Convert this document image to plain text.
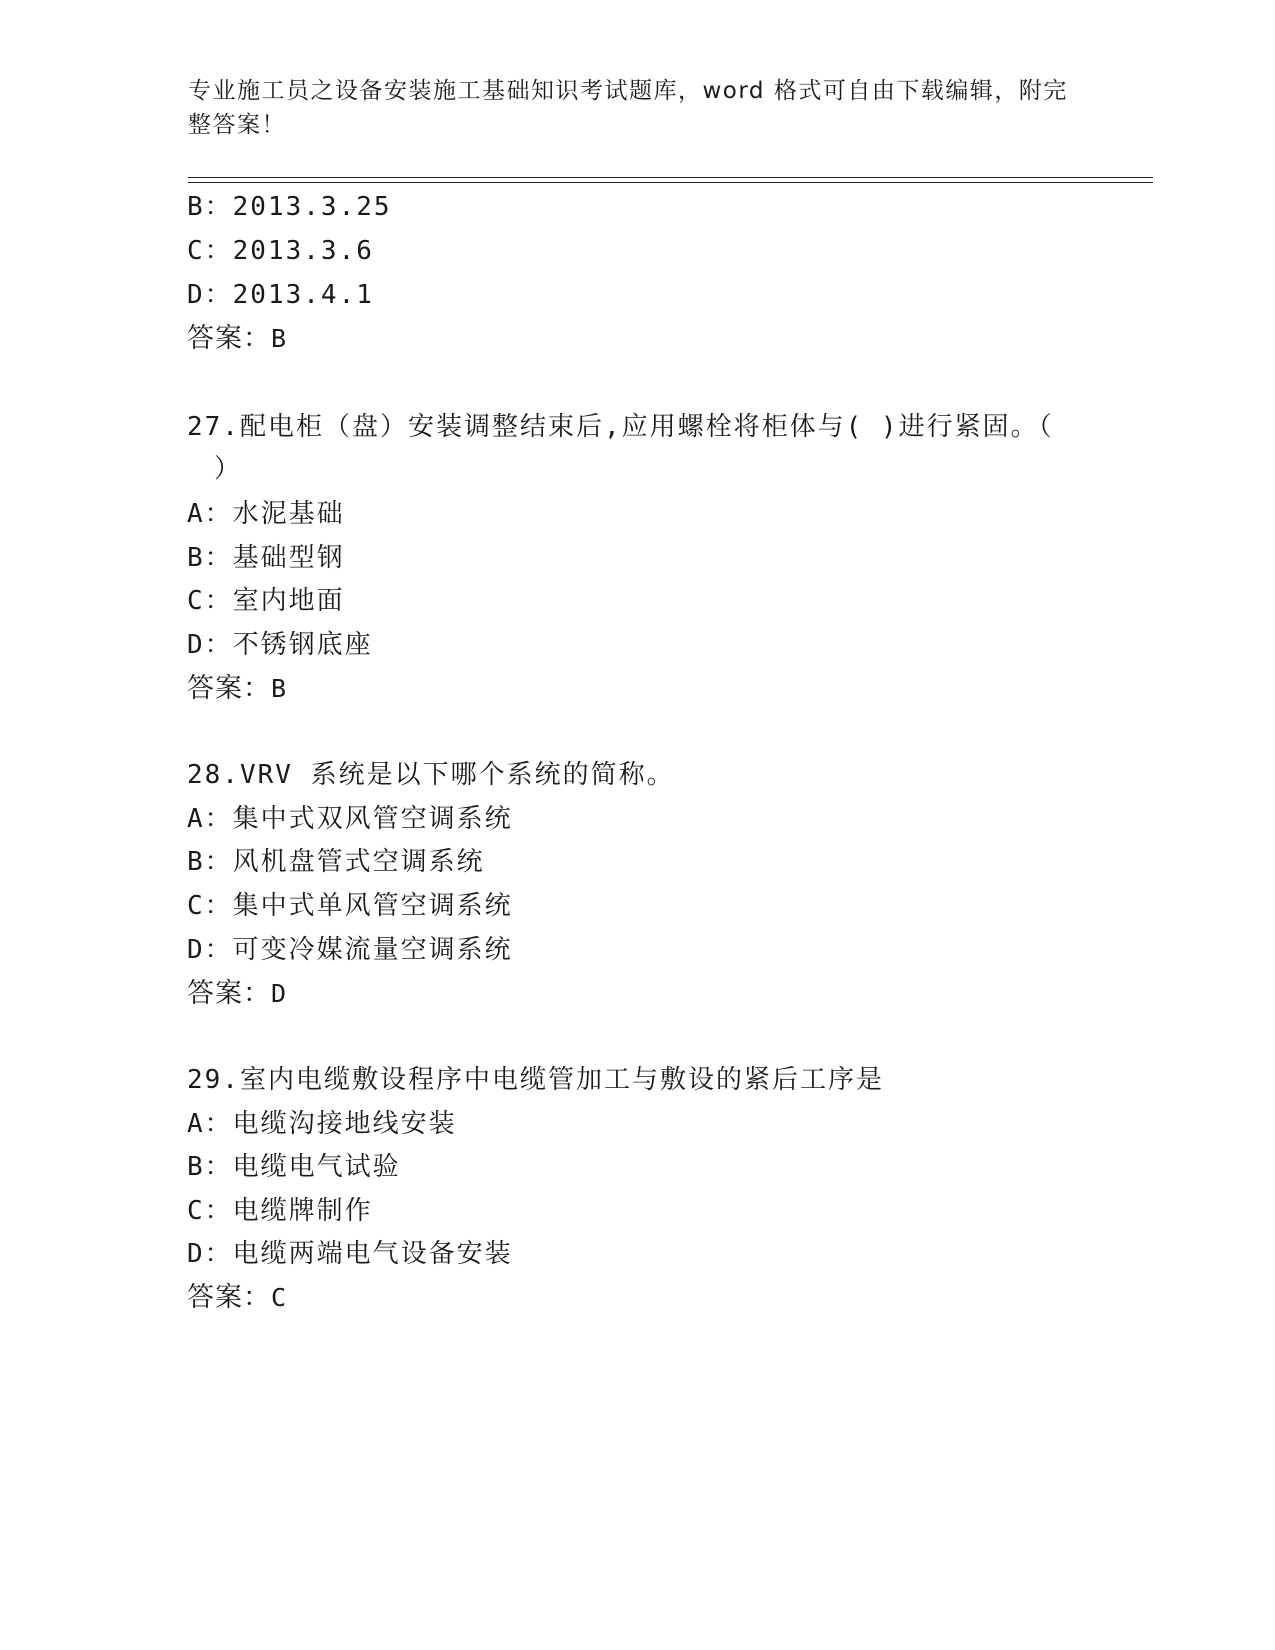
专业施工员之设备安装施工基础知识考试题库，word 格式可自由下载编辑，附完
整答案！
B：2013.3.25
C：2013.3.6
D：2013.4.1
答案：B
27.配电柜（盘）安装调整结束后,应用螺栓将柜体与( )进行紧固。（
）
A：水泥基础
B：基础型钢
C：室内地面
D：不锈钢底座
答案：B
28.VRV 系统是以下哪个系统的简称。
A：集中式双风管空调系统
B：风机盘管式空调系统
C：集中式单风管空调系统
D：可变冷媒流量空调系统
答案：D
29.室内电缆敷设程序中电缆管加工与敷设的紧后工序是
A：电缆沟接地线安装
B：电缆电气试验
C：电缆牌制作
D：电缆两端电气设备安装
答案：C
